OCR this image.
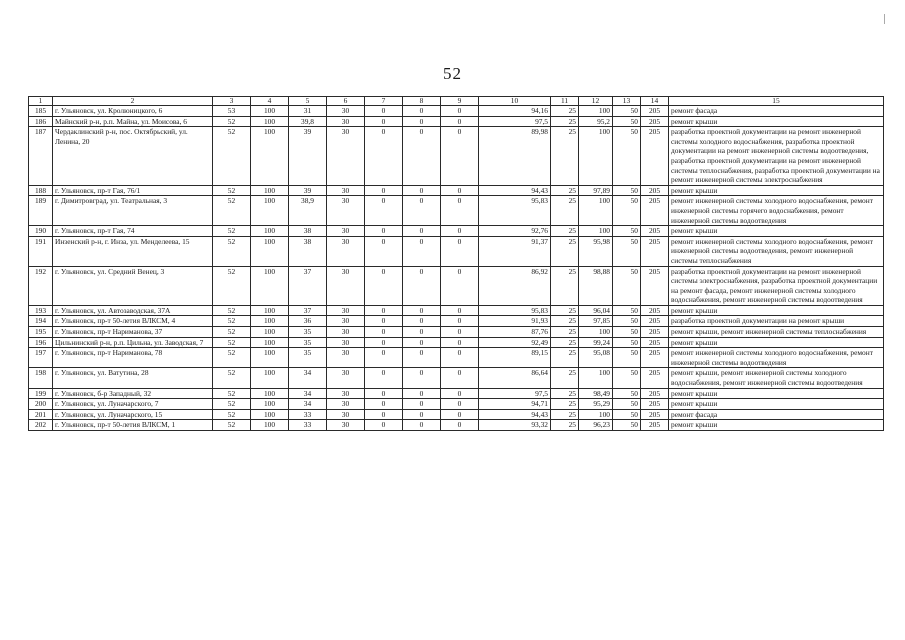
52
1	2	3	4	5	6	7	8	9	10	11	12	13	14	15
185	г. Ульяновск, ул. Кролюницкого, 6	53	100	31	30	0	0	0	94,16	25	100	50	205	ремонт фасада
186	Майнский р-н, р.п. Майна, ул. Моисова, 6	52	100	39,8	30	0	0	0	97,5	25	95,2	50	205	ремонт крыши
187	Чердаклинский р-н, пос. Октябрьский, ул. Ленина, 20	52	100	39	30	0	0	0	89,98	25	100	50	205	разработка проектной документации на ремонт инженерной системы холодного водоснабжения, разработка проектной документации на ремонт инженерной системы водоотведения, разработка проектной документации на ремонт инженерной системы теплоснабжения, разработка проектной документации на ремонт инженерной системы электроснабжения
188	г. Ульяновск, пр-т Гая, 76/1	52	100	39	30	0	0	0	94,43	25	97,89	50	205	ремонт крыши
189	г. Димитровград, ул. Театральная, 3	52	100	38,9	30	0	0	0	95,83	25	100	50	205	ремонт инженерной системы холодного водоснабжения, ремонт инженерной системы горячего водоснабжения, ремонт инженерной системы водоотведения
190	г. Ульяновск, пр-т Гая, 74	52	100	38	30	0	0	0	92,76	25	100	50	205	ремонт крыши
191	Инзенский р-н, г. Инза, ул. Менделеева, 15	52	100	38	30	0	0	0	91,37	25	95,98	50	205	ремонт инженерной системы холодного водоснабжения, ремонт инженерной системы водоотведения, ремонт инженерной системы теплоснабжения
192	г. Ульяновск, ул. Средний Венец, 3	52	100	37	30	0	0	0	86,92	25	98,88	50	205	разработка проектной документации на ремонт инженерной системы электроснабжения, разработка проектной документации на ремонт фасада, ремонт инженерной системы холодного водоснабжения, ремонт инженерной системы водоотведения
193	г. Ульяновск, ул. Автозаводская, 37А	52	100	37	30	0	0	0	95,83	25	96,04	50	205	ремонт крыши
194	г. Ульяновск, пр-т 50-летия ВЛКСМ, 4	52	100	36	30	0	0	0	91,93	25	97,85	50	205	разработка проектной документации на ремонт крыши
195	г. Ульяновск, пр-т Нариманова, 37	52	100	35	30	0	0	0	87,76	25	100	50	205	ремонт крыши, ремонт инженерной системы теплоснабжения
196	Цильнинский р-н, р.п. Цильна, ул. Заводская, 7	52	100	35	30	0	0	0	92,49	25	99,24	50	205	ремонт крыши
197	г. Ульяновск, пр-т Нариманова, 78	52	100	35	30	0	0	0	89,15	25	95,08	50	205	ремонт инженерной системы холодного водоснабжения, ремонт инженерной системы водоотведения
198	г. Ульяновск, ул. Ватутина, 28	52	100	34	30	0	0	0	86,64	25	100	50	205	ремонт крыши, ремонт инженерной системы холодного водоснабжения, ремонт инженерной системы водоотведения
199	г. Ульяновск, б-р Западный, 32	52	100	34	30	0	0	0	97,5	25	98,49	50	205	ремонт крыши
200	г. Ульяновск, ул. Луначарского, 7	52	100	34	30	0	0	0	94,71	25	95,29	50	205	ремонт крыши
201	г. Ульяновск, ул. Луначарского, 15	52	100	33	30	0	0	0	94,43	25	100	50	205	ремонт фасада
202	г. Ульяновск, пр-т 50-летия ВЛКСМ, 1	52	100	33	30	0	0	0	93,32	25	96,23	50	205	ремонт крыши
